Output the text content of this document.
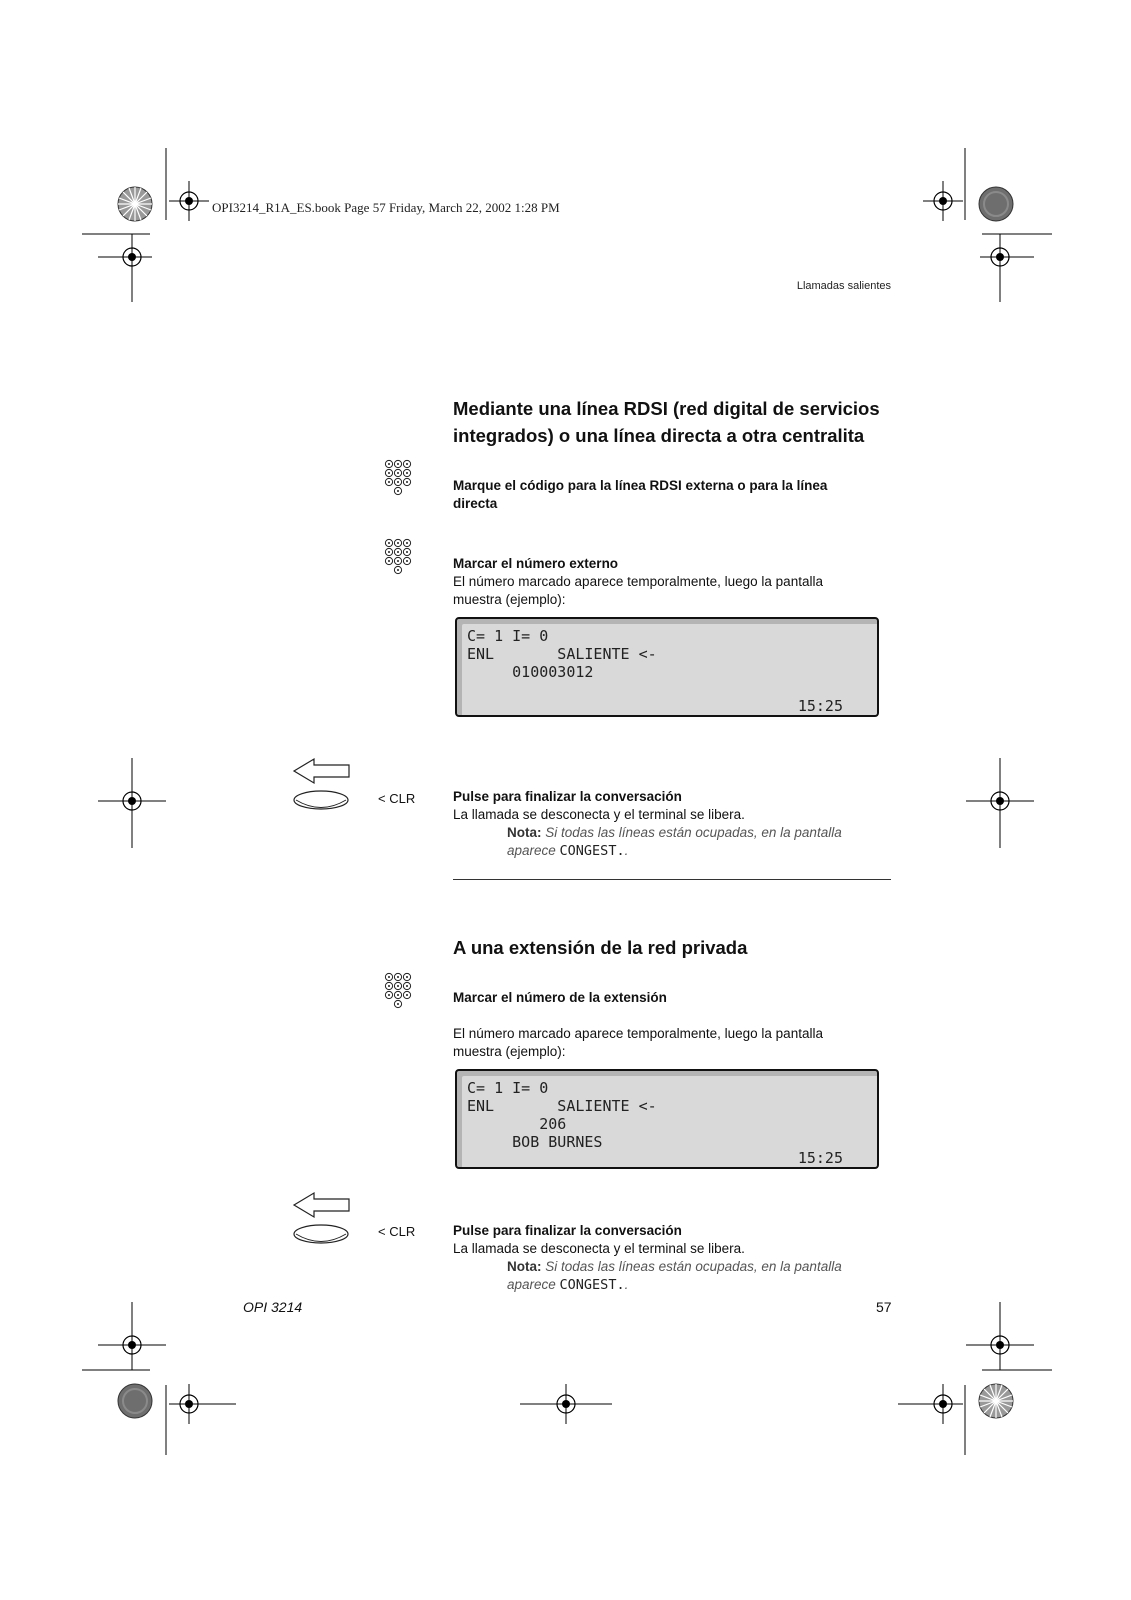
OPI3214_R1A_ES.book Page 57 Friday, March 22, 2002 1:28 PM
Llamadas salientes
Mediante una línea RDSI (red digital de servicios
integrados) o una línea directa a otra centralita
Marque el código para la línea RDSI externa o para la línea
directa
Marcar el número externo
El número marcado aparece temporalmente, luego la pantalla
muestra (ejemplo):
C= 1 I= 0
ENL       SALIENTE <-
010003012
15:25
< CLR	Pulse para finalizar la conversación
La llamada se desconecta y el terminal se libera.
Nota: Si todas las líneas están ocupadas, en la pantalla
aparece CONGEST..
A una extensión de la red privada
Marcar el número de la extensión
El número marcado aparece temporalmente, luego la pantalla
muestra (ejemplo):
C= 1 I= 0
ENL       SALIENTE <-
206
BOB BURNES
15:25
< CLR	Pulse para finalizar la conversación
La llamada se desconecta y el terminal se libera.
Nota: Si todas las líneas están ocupadas, en la pantalla
aparece CONGEST..
OPI 3214	57
